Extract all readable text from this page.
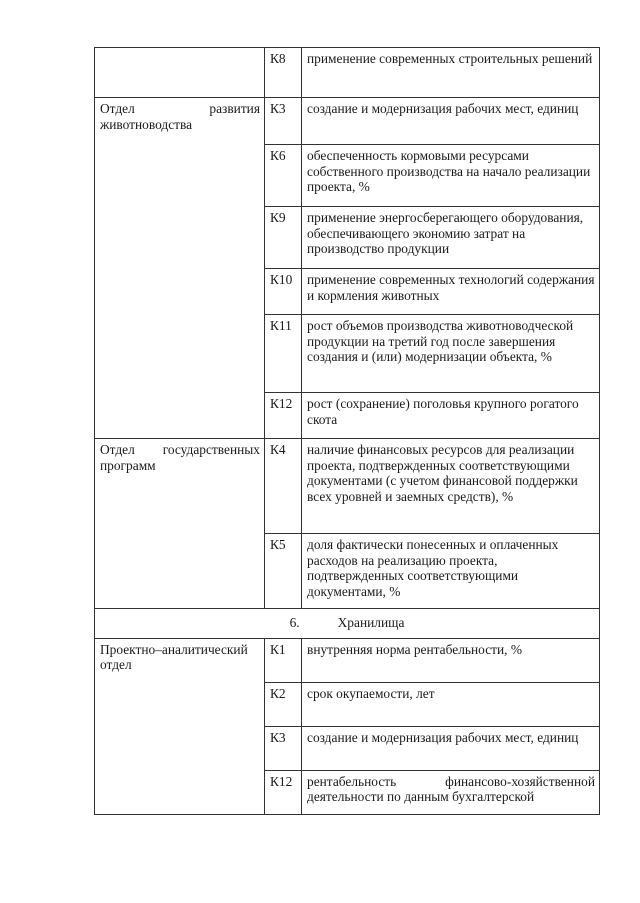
	К8	применение современных строительных решений

Отдел развития животноводства	К3	создание и модернизация рабочих мест, единиц
	К6	обеспеченность кормовыми ресурсами собственного производства на начало реализации проекта, %
	К9	применение энергосберегающего оборудования, обеспечивающего экономию затрат на производство продукции
	К10	применение современных технологий содержания и кормления животных
	К11	рост объемов производства животноводческой продукции на третий год после завершения создания и (или) модернизации объекта, %
	К12	рост (сохранение) поголовья крупного рогатого скота

Отдел государственных программ	К4	наличие финансовых ресурсов для реализации проекта, подтвержденных соответствующими документами (с учетом финансовой поддержки всех уровней и заемных средств), %
	К5	доля фактически понесенных и оплаченных расходов на реализацию проекта, подтвержденных соответствующими документами, %
6. Хранилища		

Проектно–аналитический отдел	К1	внутренняя норма рентабельности, %
	К2	срок окупаемости, лет
	К3	создание и модернизация рабочих мест, единиц
	К12	рентабельность финансово-хозяйственной деятельности по данным бухгалтерской
